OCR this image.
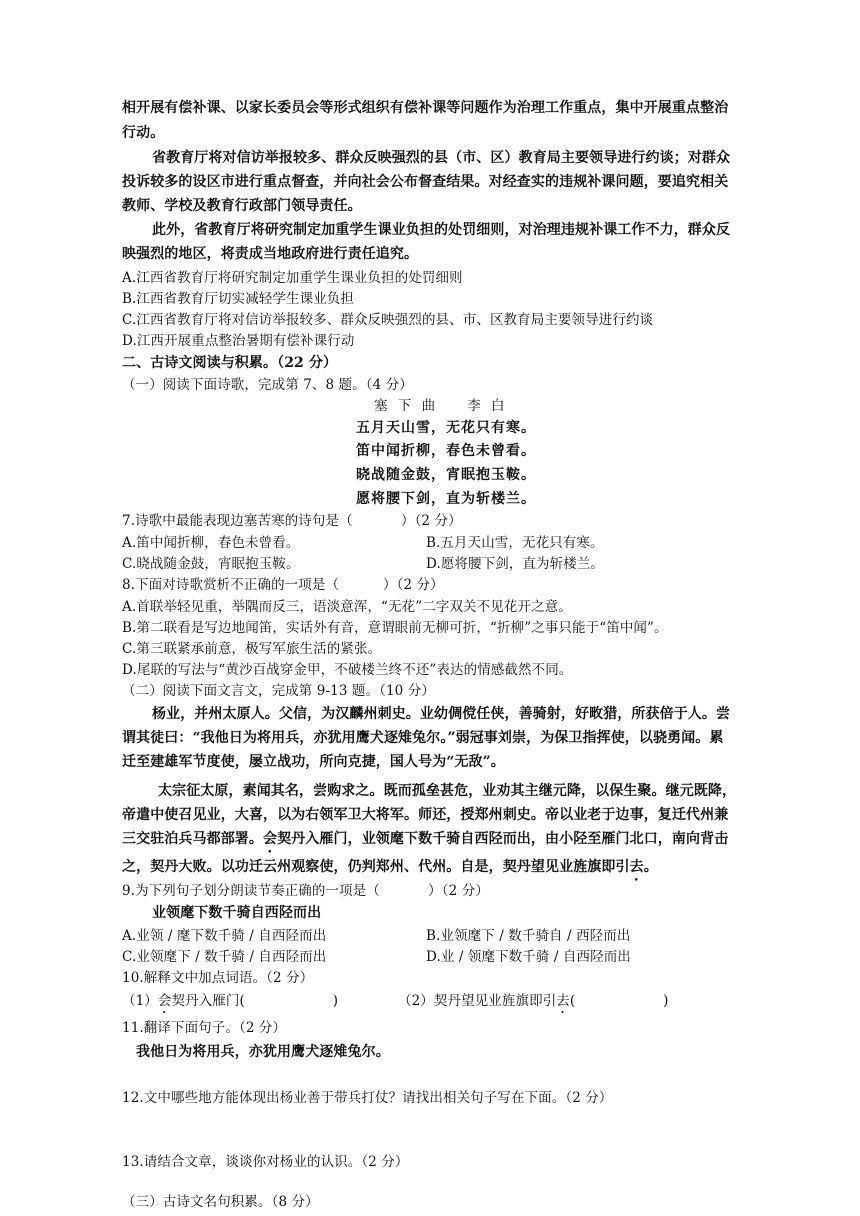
相开展有偿补课、以家长委员会等形式组织有偿补课等问题作为治理工作重点，集中开展重点整治
行动。
省教育厅将对信访举报较多、群众反映强烈的县（市、区）教育局主要领导进行约谈；对群众
投诉较多的设区市进行重点督查，并向社会公布督查结果。对经查实的违规补课问题，要追究相关
教师、学校及教育行政部门领导责任。
此外，省教育厅将研究制定加重学生课业负担的处罚细则，对治理违规补课工作不力，群众反
映强烈的地区，将责成当地政府进行责任追究。
A.江西省教育厅将研究制定加重学生课业负担的处罚细则
B.江西省教育厅切实减轻学生课业负担
C.江西省教育厅将对信访举报较多、群众反映强烈的县、市、区教育局主要领导进行约谈
D.江西开展重点整治暑期有偿补课行动
二、古诗文阅读与积累。（22 分）
（一）阅读下面诗歌，完成第 7、8 题。（4 分）
塞 下 曲    李 白
五月天山雪，无花只有寒。
笛中闻折柳，春色未曾看。
晓战随金鼓，宵眠抱玉鞍。
愿将腰下剑，直为斩楼兰。
7.诗歌中最能表现边塞苦寒的诗句是（           ）（2 分）
A.笛中闻折柳，春色未曾看。	B.五月天山雪，无花只有寒。
C.晓战随金鼓，宵眠抱玉鞍。	D.愿将腰下剑，直为斩楼兰。
8.下面对诗歌赏析不正确的一项是（          ）（2 分）
A.首联举轻见重，举隅而反三，语淡意浑，“无花”二字双关不见花开之意。
B.第二联看是写边地闻笛，实话外有音，意谓眼前无柳可折，“折柳”之事只能于“笛中闻”。
C.第三联紧承前意，极写军旅生活的紧张。
D.尾联的写法与“黄沙百战穿金甲，不破楼兰终不还”表达的情感截然不同。
（二）阅读下面文言文，完成第 9-13 题。（10 分）
杨业，并州太原人。父信，为汉麟州刺史。业幼倜傥任侠，善骑射，好畋猎，所获倍于人。尝
谓其徒曰：“我他日为将用兵，亦犹用鹰犬逐雉兔尔。”弱冠事刘崇，为保卫指挥使，以骁勇闻。累
迁至建雄军节度使，屡立战功，所向克捷，国人号为“无敌”。
太宗征太原，素闻其名，尝购求之。既而孤垒甚危，业劝其主继元降，以保生聚。继元既降，
帝遣中使召见业，大喜，以为右领军卫大将军。师还，授郑州刺史。帝以业老于边事，复迁代州兼
三交驻泊兵马都部署。会契丹入雁门，业领麾下数千骑自西陉而出，由小陉至雁门北口，南向背击
之，契丹大败。以功迁云州观察使，仍判郑州、代州。自是，契丹望见业旌旗即引去。
9.为下列句子划分朗读节奏正确的一项是（           ）（2 分）
业领麾下数千骑自西陉而出
A.业领 / 麾下数千骑 / 自西陉而出	B.业领麾下 / 数千骑自 / 西陉而出
C.业领麾下 / 数千骑 / 自西陉而出	D.业 / 领麾下数千骑 / 自西陉而出
10.解释文中加点词语。（2 分）
（1）会契丹入雁门(                    )	（2）契丹望见业旌旗即引去(                    )
11.翻译下面句子。（2 分）
我他日为将用兵，亦犹用鹰犬逐雉兔尔。
12.文中哪些地方能体现出杨业善于带兵打仗？请找出相关句子写在下面。（2 分）
13.请结合文章，谈谈你对杨业的认识。（2 分）
（三）古诗文名句积累。（8 分）
